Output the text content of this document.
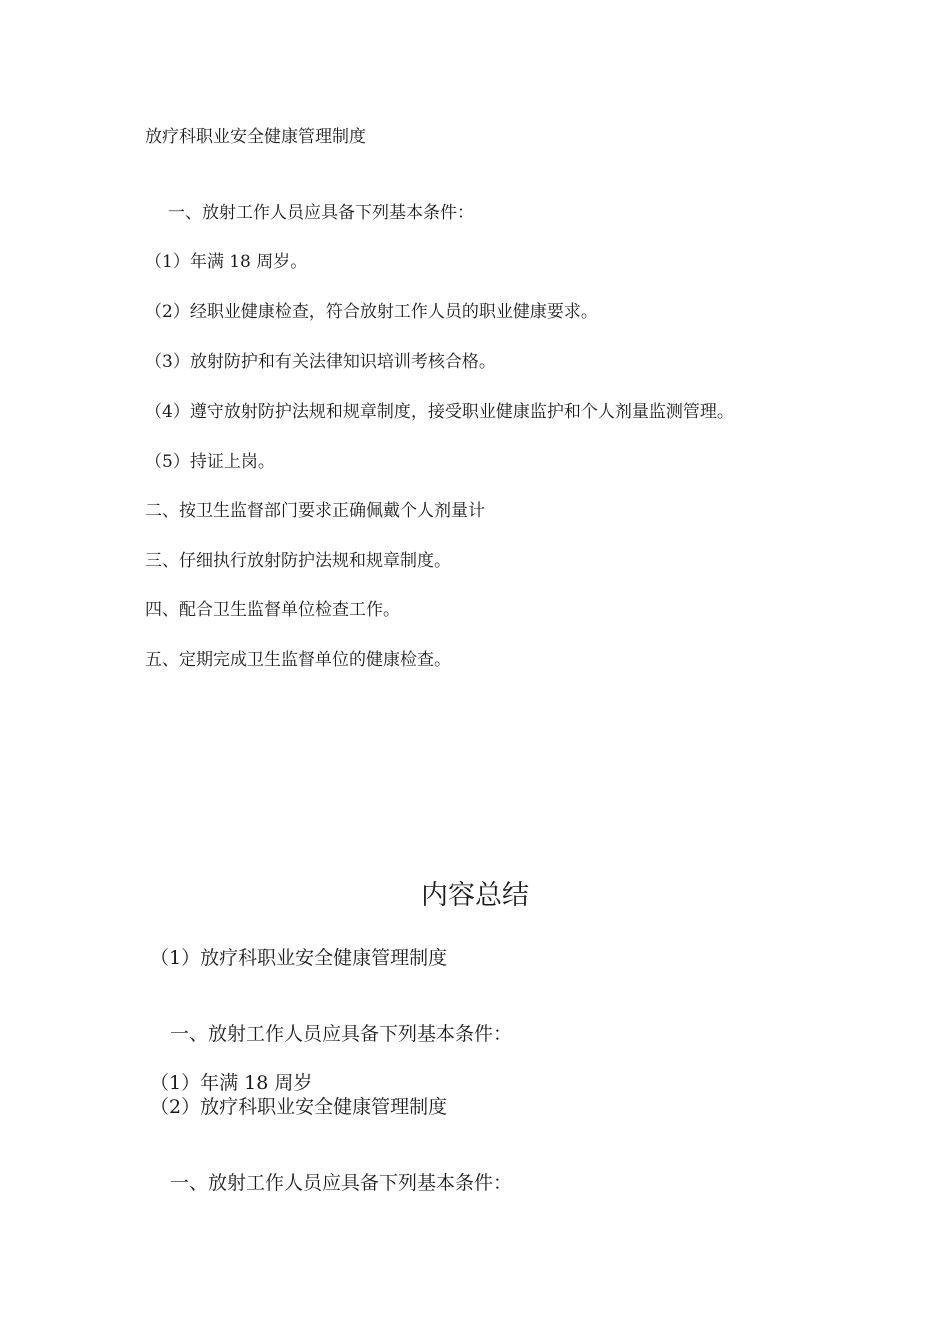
放疗科职业安全健康管理制度
一、放射工作人员应具备下列基本条件：
（1）年满 18 周岁。
（2）经职业健康检查，符合放射工作人员的职业健康要求。
（3）放射防护和有关法律知识培训考核合格。
（4）遵守放射防护法规和规章制度，接受职业健康监护和个人剂量监测管理。
（5）持证上岗。
二、按卫生监督部门要求正确佩戴个人剂量计
三、仔细执行放射防护法规和规章制度。
四、配合卫生监督单位检查工作。
五、定期完成卫生监督单位的健康检查。
内容总结
（1）放疗科职业安全健康管理制度
一、放射工作人员应具备下列基本条件：
（1）年满 18 周岁
（2）放疗科职业安全健康管理制度
一、放射工作人员应具备下列基本条件：
